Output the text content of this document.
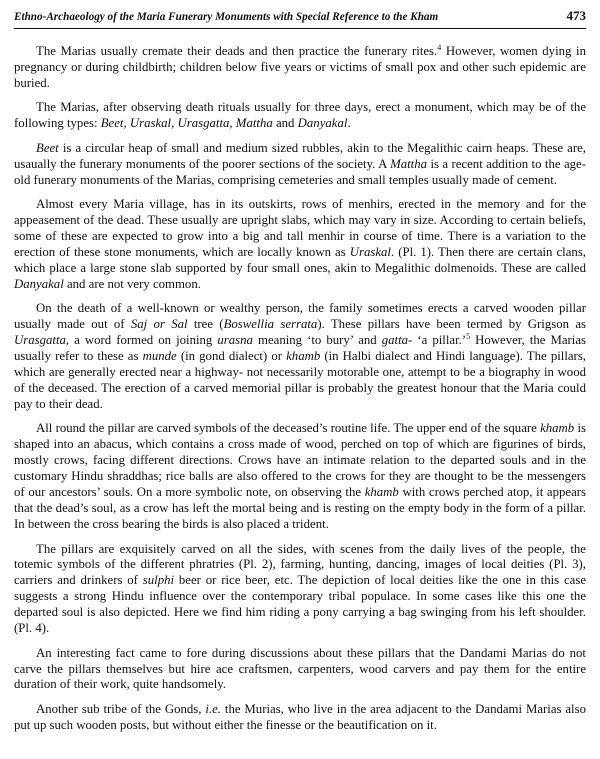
Ethno-Archaeology of the Maria Funerary Monuments with Special Reference to the Kham	473

The Marias usually cremate their deads and then practice the funerary rites.$^4$ However, women dying in pregnancy or during childbirth; children below five years or victims of small pox and other such epidemic are buried.

The Marias, after observing death rituals usually for three days, erect a monument, which may be of the following types: Beet, Uraskal, Urasgatta, Mattha and Danyakal.

Beet is a circular heap of small and medium sized rubbles, akin to the Megalithic cairn heaps. These are, usaually the funerary monuments of the poorer sections of the society. A Mattha is a recent addition to the age-old funerary monuments of the Marias, comprising cemeteries and small temples usually made of cement.

Almost every Maria village, has in its outskirts, rows of menhirs, erected in the memory and for the appeasement of the dead. These usually are upright slabs, which may vary in size. According to certain beliefs, some of these are expected to grow into a big and tall menhir in course of time. There is a variation to the erection of these stone monuments, which are locally known as Uraskal. (Pl. 1). Then there are certain clans, which place a large stone slab supported by four small ones, akin to Megalithic dolmenoids. These are called Danyakal and are not very common.

On the death of a well-known or wealthy person, the family sometimes erects a carved wooden pillar usually made out of Saj or Sal tree (Boswellia serrata). These pillars have been termed by Grigson as Urasgatta, a word formed on joining urasna meaning ‘to bury’ and gatta- ‘a pillar.’$^5$ However, the Marias usually refer to these as munde (in gond dialect) or khamb (in Halbi dialect and Hindi language). The pillars, which are generally erected near a highway- not necessarily motorable one, attempt to be a biography in wood of the deceased. The erection of a carved memorial pillar is probably the greatest honour that the Maria could pay to their dead.

All round the pillar are carved symbols of the deceased’s routine life. The upper end of the square khamb is shaped into an abacus, which contains a cross made of wood, perched on top of which are figurines of birds, mostly crows, facing different directions. Crows have an intimate relation to the departed souls and in the customary Hindu shraddhas; rice balls are also offered to the crows for they are thought to be the messengers of our ancestors’ souls. On a more symbolic note, on observing the khamb with crows perched atop, it appears that the dead’s soul, as a crow has left the mortal being and is resting on the empty body in the form of a pillar. In between the cross bearing the birds is also placed a trident.

The pillars are exquisitely carved on all the sides, with scenes from the daily lives of the people, the totemic symbols of the different phratries (Pl. 2), farming, hunting, dancing, images of local deities (Pl. 3), carriers and drinkers of sulphi beer or rice beer, etc. The depiction of local deities like the one in this case suggests a strong Hindu influence over the contemporary tribal populace. In some cases like this one the departed soul is also depicted. Here we find him riding a pony carrying a bag swinging from his left shoulder. (Pl. 4).

An interesting fact came to fore during discussions about these pillars that the Dandami Marias do not carve the pillars themselves but hire ace craftsmen, carpenters, wood carvers and pay them for the entire duration of their work, quite handsomely.

Another sub tribe of the Gonds, i.e. the Murias, who live in the area adjacent to the Dandami Marias also put up such wooden posts, but without either the finesse or the beautification on it.
